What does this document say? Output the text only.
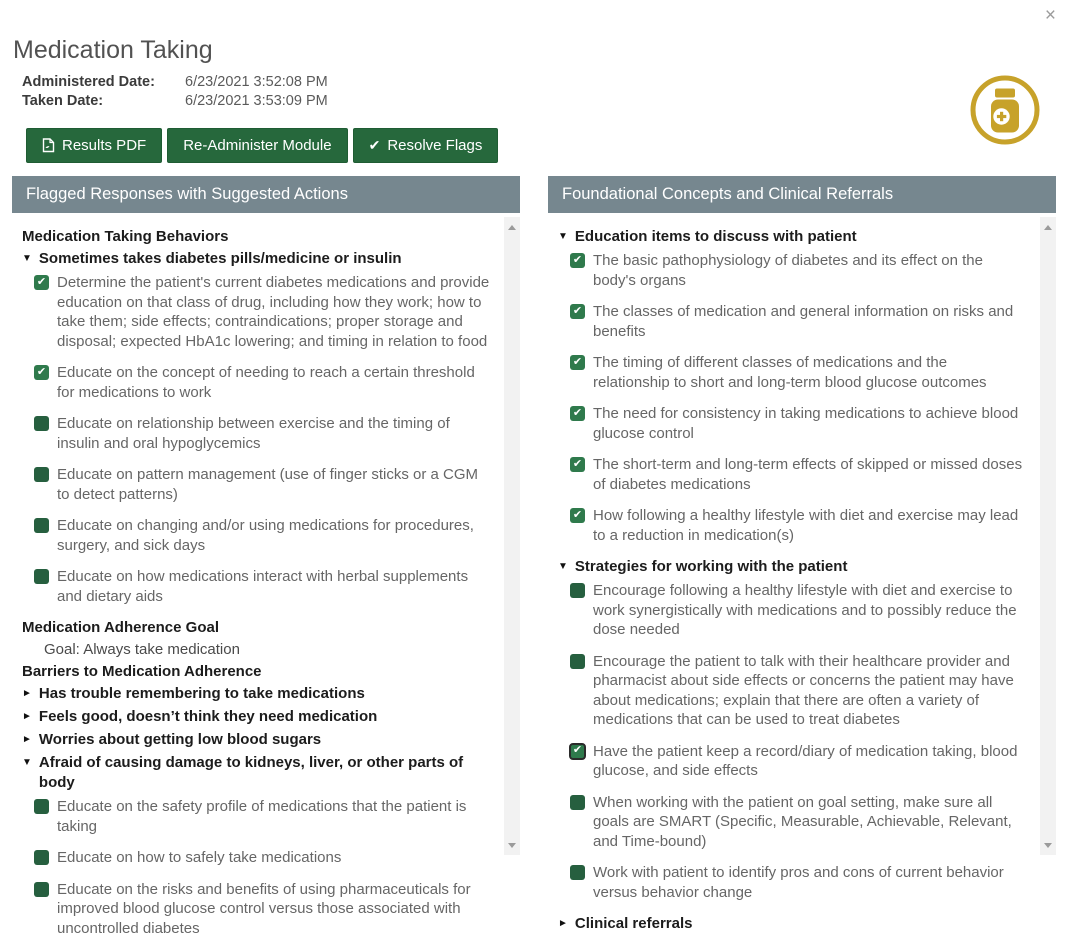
×
Medication Taking
Administered Date:	6/23/2021 3:52:08 PM
Taken Date:	6/23/2021 3:53:09 PM
Results PDF Re-Administer Module	✔ Resolve Flags
Flagged Responses with Suggested Actions
Medication Taking Behaviors
▼ Sometimes takes diabetes pills/medicine or insulin
✔ Determine the patient's current diabetes medications and provide education on that class of drug, including how they work; how to take them; side effects; contraindications; proper storage and disposal; expected HbA1c lowering; and timing in relation to food
✔ Educate on the concept of needing to reach a certain threshold for medications to work
Educate on relationship between exercise and the timing of insulin and oral hypoglycemics
Educate on pattern management (use of finger sticks or a CGM to detect patterns)
Educate on changing and/or using medications for procedures, surgery, and sick days
Educate on how medications interact with herbal supplements and dietary aids
Medication Adherence Goal
Goal: Always take medication
Barriers to Medication Adherence
► Has trouble remembering to take medications
► Feels good, doesn’t think they need medication
► Worries about getting low blood sugars
▼ Afraid of causing damage to kidneys, liver, or other parts of body
Educate on the safety profile of medications that the patient is taking
Educate on how to safely take medications
Educate on the risks and benefits of using pharmaceuticals for improved blood glucose control versus those associated with uncontrolled diabetes
Foundational Concepts and Clinical Referrals
▼ Education items to discuss with patient
✔ The basic pathophysiology of diabetes and its effect on the body's organs
✔ The classes of medication and general information on risks and benefits
✔ The timing of different classes of medications and the relationship to short and long-term blood glucose outcomes
✔ The need for consistency in taking medications to achieve blood glucose control
✔ The short-term and long-term effects of skipped or missed doses of diabetes medications
✔ How following a healthy lifestyle with diet and exercise may lead to a reduction in medication(s)
▼ Strategies for working with the patient
Encourage following a healthy lifestyle with diet and exercise to work synergistically with medications and to possibly reduce the dose needed
Encourage the patient to talk with their healthcare provider and pharmacist about side effects or concerns the patient may have about medications; explain that there are often a variety of medications that can be used to treat diabetes
✔ Have the patient keep a record/diary of medication taking, blood glucose, and side effects
When working with the patient on goal setting, make sure all goals are SMART (Specific, Measurable, Achievable, Relevant, and Time-bound)
Work with patient to identify pros and cons of current behavior versus behavior change
► Clinical referrals
